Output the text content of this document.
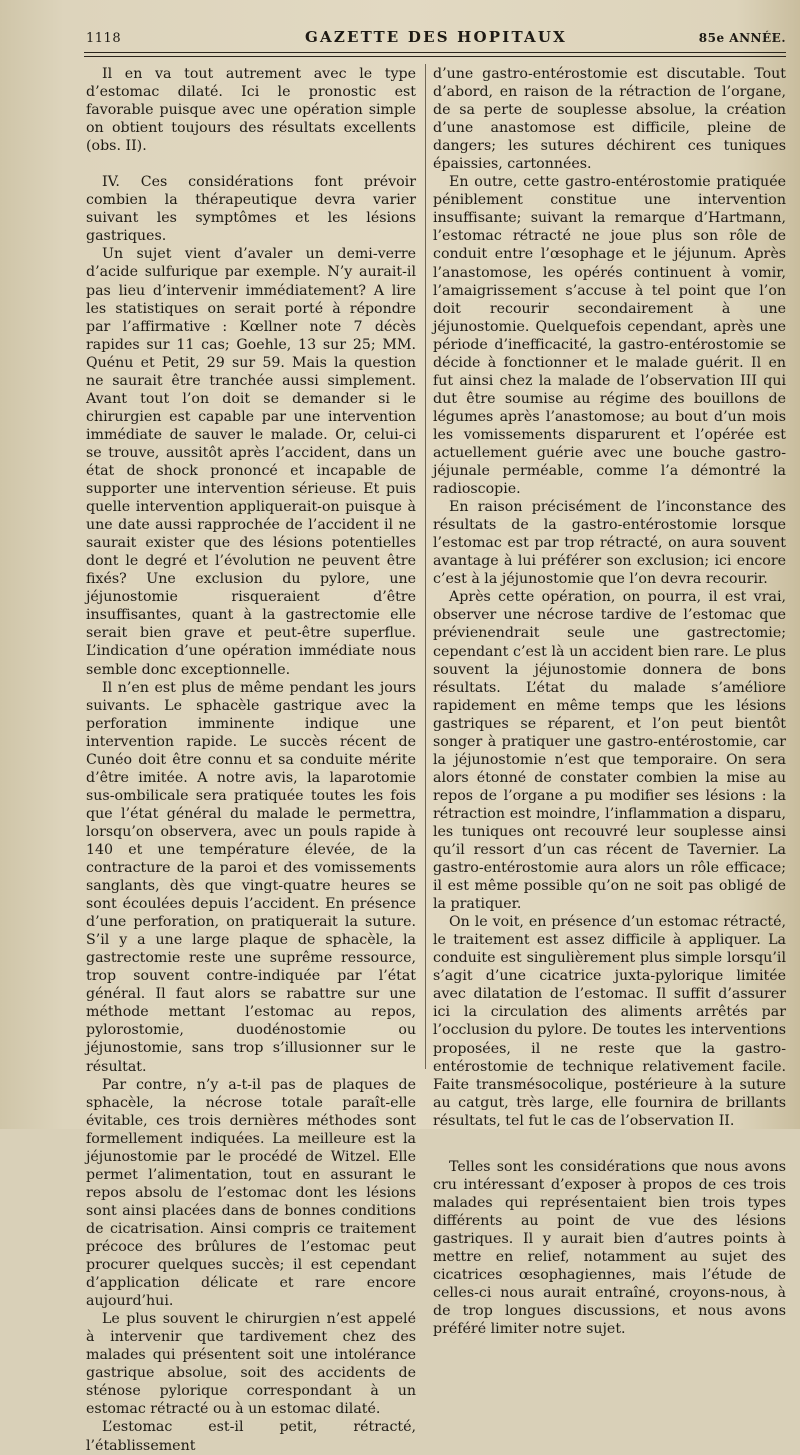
1118	GAZETTE DES HOPITAUX	85e ANNÉE.

Il en va tout autrement avec le type d’estomac dilaté. Ici le pronostic est favorable puisque avec une opération simple on obtient toujours des résultats excellents (obs. II).

IV. Ces considérations font prévoir combien la thérapeutique devra varier suivant les symptômes et les lésions gastriques.

Un sujet vient d’avaler un demi-verre d’acide sulfurique par exemple. N’y aurait-il pas lieu d’intervenir immédiatement? A lire les statistiques on serait porté à répondre par l’affirmative : Kœllner note 7 décès rapides sur 11 cas; Goehle, 13 sur 25; MM. Quénu et Petit, 29 sur 59. Mais la question ne saurait être tranchée aussi simplement. Avant tout l’on doit se demander si le chirurgien est capable par une intervention immédiate de sauver le malade. Or, celui-ci se trouve, aussitôt après l’accident, dans un état de shock prononcé et incapable de supporter une intervention sérieuse. Et puis quelle intervention appliquerait-on puisque à une date aussi rapprochée de l’accident il ne saurait exister que des lésions potentielles dont le degré et l’évolution ne peuvent être fixés? Une exclusion du pylore, une jéjunostomie risqueraient d’être insuffisantes, quant à la gastrectomie elle serait bien grave et peut-être superflue. L’indication d’une opération immédiate nous semble donc exceptionnelle.

Il n’en est plus de même pendant les jours suivants. Le sphacèle gastrique avec la perforation imminente indique une intervention rapide. Le succès récent de Cunéo doit être connu et sa conduite mérite d’être imitée. A notre avis, la laparotomie sus-ombilicale sera pratiquée toutes les fois que l’état général du malade le permettra, lorsqu’on observera, avec un pouls rapide à 140 et une température élevée, de la contracture de la paroi et des vomissements sanglants, dès que vingt-quatre heures se sont écoulées depuis l’accident. En présence d’une perforation, on pratiquerait la suture. S’il y a une large plaque de sphacèle, la gastrectomie reste une suprême ressource, trop souvent contre-indiquée par l’état général. Il faut alors se rabattre sur une méthode mettant l’estomac au repos, pylorostomie, duodénostomie ou jéjunostomie, sans trop s’illusionner sur le résultat.

Par contre, n’y a-t-il pas de plaques de sphacèle, la nécrose totale paraît-elle évitable, ces trois dernières méthodes sont formellement indiquées. La meilleure est la jéjunostomie par le procédé de Witzel. Elle permet l’alimentation, tout en assurant le repos absolu de l’estomac dont les lésions sont ainsi placées dans de bonnes conditions de cicatrisation. Ainsi compris ce traitement précoce des brûlures de l’estomac peut procurer quelques succès; il est cependant d’application délicate et rare encore aujourd’hui.

Le plus souvent le chirurgien n’est appelé à intervenir que tardivement chez des malades qui présentent soit une intolérance gastrique absolue, soit des accidents de sténose pylorique correspondant à un estomac rétracté ou à un estomac dilaté.

L’estomac est-il petit, rétracté, l’établissement

d’une gastro-entérostomie est discutable. Tout d’abord, en raison de la rétraction de l’organe, de sa perte de souplesse absolue, la création d’une anastomose est difficile, pleine de dangers; les sutures déchirent ces tuniques épaissies, cartonnées.

En outre, cette gastro-entérostomie pratiquée péniblement constitue une intervention insuffisante; suivant la remarque d’Hartmann, l’estomac rétracté ne joue plus son rôle de conduit entre l’œsophage et le jéjunum. Après l’anastomose, les opérés continuent à vomir, l’amaigrissement s’accuse à tel point que l’on doit recourir secondairement à une jéjunostomie. Quelquefois cependant, après une période d’inefficacité, la gastro-entérostomie se décide à fonctionner et le malade guérit. Il en fut ainsi chez la malade de l’observation III qui dut être soumise au régime des bouillons de légumes après l’anastomose; au bout d’un mois les vomissements disparurent et l’opérée est actuellement guérie avec une bouche gastro-jéjunale perméable, comme l’a démontré la radioscopie.

En raison précisément de l’inconstance des résultats de la gastro-entérostomie lorsque l’estomac est par trop rétracté, on aura souvent avantage à lui préférer son exclusion; ici encore c’est à la jéjunostomie que l’on devra recourir.

Après cette opération, on pourra, il est vrai, observer une nécrose tardive de l’estomac que prévienendrait seule une gastrectomie; cependant c’est là un accident bien rare. Le plus souvent la jéjunostomie donnera de bons résultats. L’état du malade s’améliore rapidement en même temps que les lésions gastriques se réparent, et l’on peut bientôt songer à pratiquer une gastro-entérostomie, car la jéjunostomie n’est que temporaire. On sera alors étonné de constater combien la mise au repos de l’organe a pu modifier ses lésions : la rétraction est moindre, l’inflammation a disparu, les tuniques ont recouvré leur souplesse ainsi qu’il ressort d’un cas récent de Tavernier. La gastro-entérostomie aura alors un rôle efficace; il est même possible qu’on ne soit pas obligé de la pratiquer.

On le voit, en présence d’un estomac rétracté, le traitement est assez difficile à appliquer. La conduite est singulièrement plus simple lorsqu’il s’agit d’une cicatrice juxta-pylorique limitée avec dilatation de l’estomac. Il suffit d’assurer ici la circulation des aliments arrêtés par l’occlusion du pylore. De toutes les interventions proposées, il ne reste que la gastro-entérostomie de technique relativement facile. Faite transmésocolique, postérieure à la suture au catgut, très large, elle fournira de brillants résultats, tel fut le cas de l’observation II.

Telles sont les considérations que nous avons cru intéressant d’exposer à propos de ces trois malades qui représentaient bien trois types différents au point de vue des lésions gastriques. Il y aurait bien d’autres points à mettre en relief, notamment au sujet des cicatrices œsophagiennes, mais l’étude de celles-ci nous aurait entraîné, croyons-nous, à de trop longues discussions, et nous avons préféré limiter notre sujet.
